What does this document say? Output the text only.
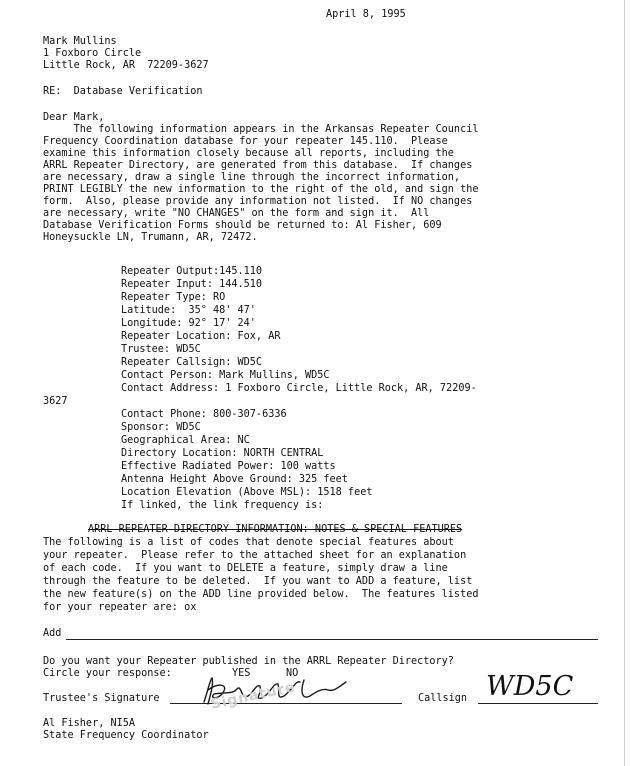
April 8, 1995
Mark Mullins
1 Foxboro Circle
Little Rock, AR  72209-3627
RE:  Database Verification
Dear Mark,
The following information appears in the Arkansas Repeater Council
Frequency Coordination database for your repeater 145.110.  Please
examine this information closely because all reports, including the
ARRL Repeater Directory, are generated from this database.  If changes
are necessary, draw a single line through the incorrect information,
PRINT LEGIBLY the new information to the right of the old, and sign the
form.  Also, please provide any information not listed.  If NO changes
are necessary, write "NO CHANGES" on the form and sign it.  All
Database Verification Forms should be returned to: Al Fisher, 609
Honeysuckle LN, Trumann, AR, 72472.
Repeater Output:145.110
Repeater Input: 144.510
Repeater Type: RO
Latitude:  35° 48' 47'
Longitude: 92° 17' 24'
Repeater Location: Fox, AR
Trustee: WD5C
Repeater Callsign: WD5C
Contact Person: Mark Mullins, WD5C
Contact Address: 1 Foxboro Circle, Little Rock, AR, 72209-
3627
Contact Phone: 800-307-6336
Sponsor: WD5C
Geographical Area: NC
Directory Location: NORTH CENTRAL
Effective Radiated Power: 100 watts
Antenna Height Above Ground: 325 feet
Location Elevation (Above MSL): 1518 feet
If linked, the link frequency is:
ARRL REPEATER DIRECTORY INFORMATION: NOTES & SPECIAL FEATURES
The following is a list of codes that denote special features about
your repeater.  Please refer to the attached sheet for an explanation
of each code.  If you want to DELETE a feature, simply draw a line
through the feature to be deleted.  If you want to ADD a feature, list
the new feature(s) on the ADD line provided below.  The features listed
for your repeater are: ox
Add
Do you want your Repeater published in the ARRL Repeater Directory?
Circle your response:	YES	NO
Trustee's Signature	Signature	Callsign WD5C
Al Fisher, NI5A
State Frequency Coordinator
